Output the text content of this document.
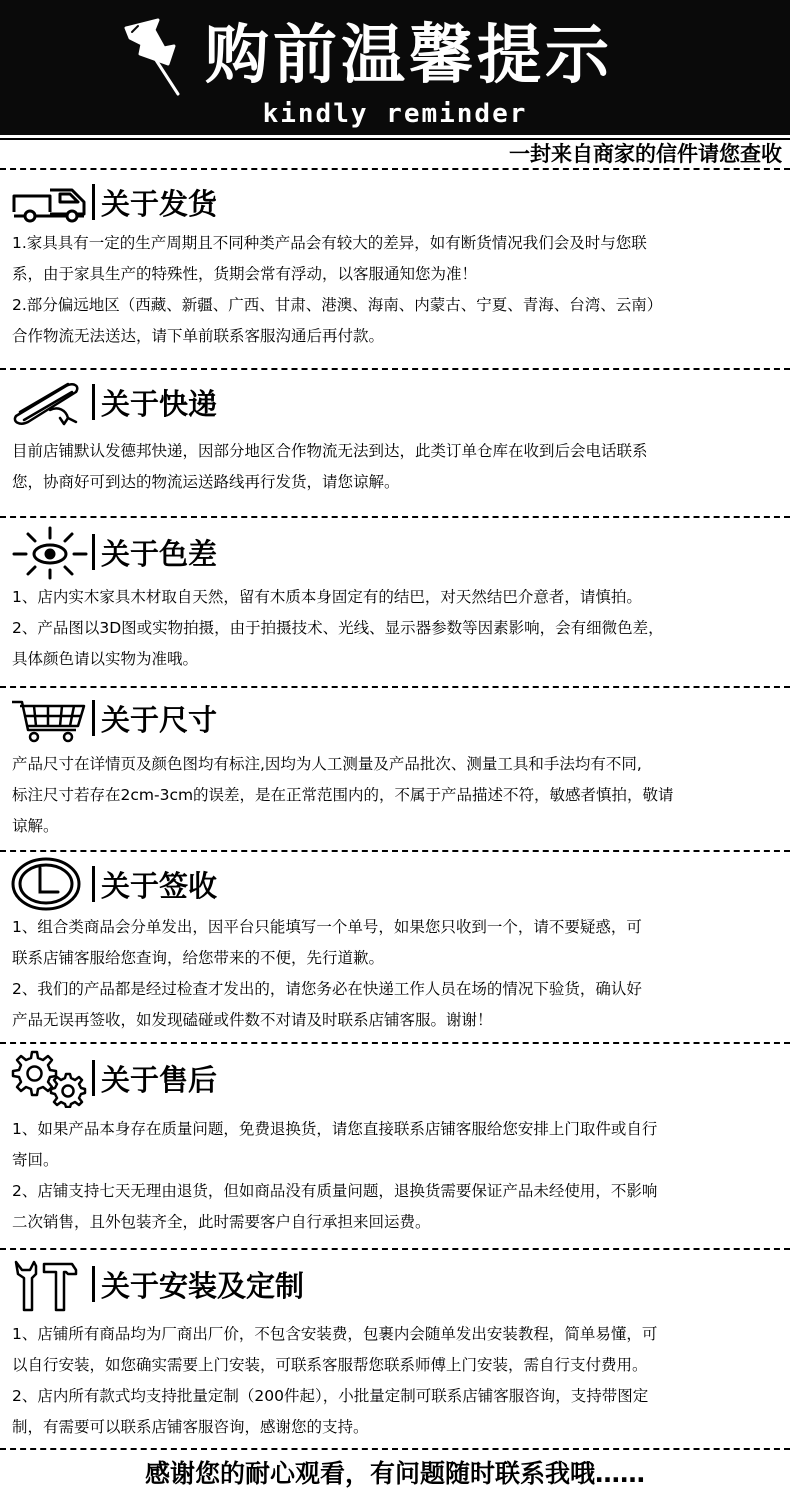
购前温馨提示
kindly reminder
一封来自商家的信件请您查收
关于发货

1.家具具有一定的生产周期且不同种类产品会有较大的差异，如有断货情况我们会及时与您联

系，由于家具生产的特殊性，货期会常有浮动，以客服通知您为准！

2.部分偏远地区（西藏、新疆、广西、甘肃、港澳、海南、内蒙古、宁夏、青海、台湾、云南）

合作物流无法送达，请下单前联系客服沟通后再付款。

关于快递

目前店铺默认发德邦快递，因部分地区合作物流无法到达，此类订单仓库在收到后会电话联系

您，协商好可到达的物流运送路线再行发货，请您谅解。

关于色差

1、店内实木家具木材取自天然，留有木质本身固定有的结巴，对天然结巴介意者，请慎拍。

2、产品图以3D图或实物拍摄，由于拍摄技术、光线、显示器参数等因素影响，会有细微色差，

具体颜色请以实物为准哦。

关于尺寸

产品尺寸在详情页及颜色图均有标注,因均为人工测量及产品批次、测量工具和手法均有不同,

标注尺寸若存在2cm-3cm的误差，是在正常范围内的，不属于产品描述不符，敏感者慎拍，敬请

谅解。

关于签收

1、组合类商品会分单发出，因平台只能填写一个单号，如果您只收到一个，请不要疑惑，可

联系店铺客服给您查询，给您带来的不便，先行道歉。

2、我们的产品都是经过检查才发出的，请您务必在快递工作人员在场的情况下验货，确认好

产品无误再签收，如发现磕碰或件数不对请及时联系店铺客服。谢谢！

关于售后

1、如果产品本身存在质量问题，免费退换货，请您直接联系店铺客服给您安排上门取件或自行

寄回。

2、店铺支持七天无理由退货，但如商品没有质量问题，退换货需要保证产品未经使用，不影响

二次销售，且外包装齐全，此时需要客户自行承担来回运费。

关于安装及定制

1、店铺所有商品均为厂商出厂价，不包含安装费，包裹内会随单发出安装教程，简单易懂，可

以自行安装，如您确实需要上门安装，可联系客服帮您联系师傅上门安装，需自行支付费用。

2、店内所有款式均支持批量定制（200件起），小批量定制可联系店铺客服咨询，支持带图定

制，有需要可以联系店铺客服咨询，感谢您的支持。

感谢您的耐心观看，有问题随时联系我哦……
